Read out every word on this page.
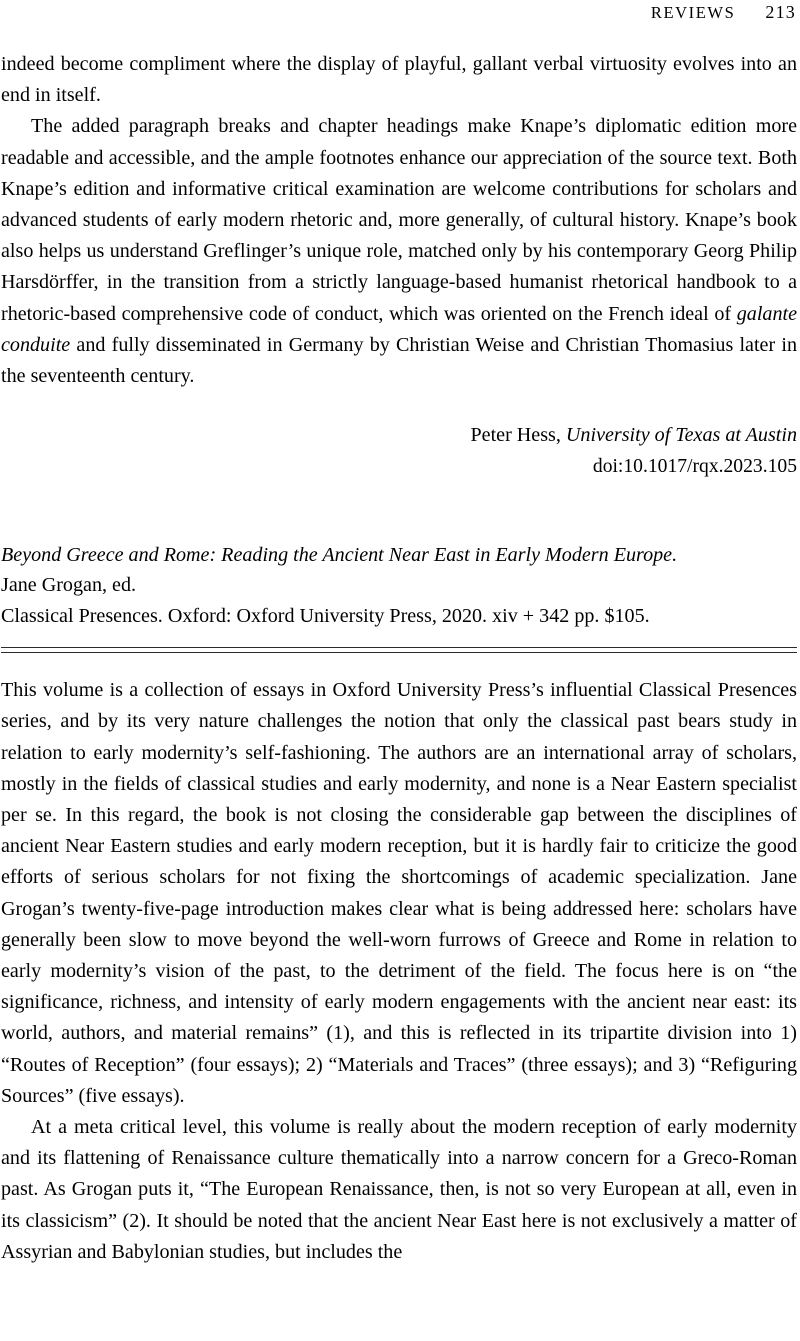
REVIEWS 213

indeed become compliment where the display of playful, gallant verbal virtuosity evolves into an end in itself.

The added paragraph breaks and chapter headings make Knape’s diplomatic edition more readable and accessible, and the ample footnotes enhance our appreciation of the source text. Both Knape’s edition and informative critical examination are welcome contributions for scholars and advanced students of early modern rhetoric and, more generally, of cultural history. Knape’s book also helps us understand Greflinger’s unique role, matched only by his contemporary Georg Philip Harsdörffer, in the transition from a strictly language-based humanist rhetorical handbook to a rhetoric-based comprehensive code of conduct, which was oriented on the French ideal of galante conduite and fully disseminated in Germany by Christian Weise and Christian Thomasius later in the seventeenth century.

Peter Hess, University of Texas at Austin
doi:10.1017/rqx.2023.105
Beyond Greece and Rome: Reading the Ancient Near East in Early Modern Europe.
Jane Grogan, ed.
Classical Presences. Oxford: Oxford University Press, 2020. xiv + 342 pp. $105.

This volume is a collection of essays in Oxford University Press’s influential Classical Presences series, and by its very nature challenges the notion that only the classical past bears study in relation to early modernity’s self-fashioning. The authors are an international array of scholars, mostly in the fields of classical studies and early modernity, and none is a Near Eastern specialist per se. In this regard, the book is not closing the considerable gap between the disciplines of ancient Near Eastern studies and early modern reception, but it is hardly fair to criticize the good efforts of serious scholars for not fixing the shortcomings of academic specialization. Jane Grogan’s twenty-five-page introduction makes clear what is being addressed here: scholars have generally been slow to move beyond the well-worn furrows of Greece and Rome in relation to early modernity’s vision of the past, to the detriment of the field. The focus here is on “the significance, richness, and intensity of early modern engagements with the ancient near east: its world, authors, and material remains” (1), and this is reflected in its tripartite division into 1) “Routes of Reception” (four essays); 2) “Materials and Traces” (three essays); and 3) “Refiguring Sources” (five essays).

At a meta critical level, this volume is really about the modern reception of early modernity and its flattening of Renaissance culture thematically into a narrow concern for a Greco-Roman past. As Grogan puts it, “The European Renaissance, then, is not so very European at all, even in its classicism” (2). It should be noted that the ancient Near East here is not exclusively a matter of Assyrian and Babylonian studies, but includes the
